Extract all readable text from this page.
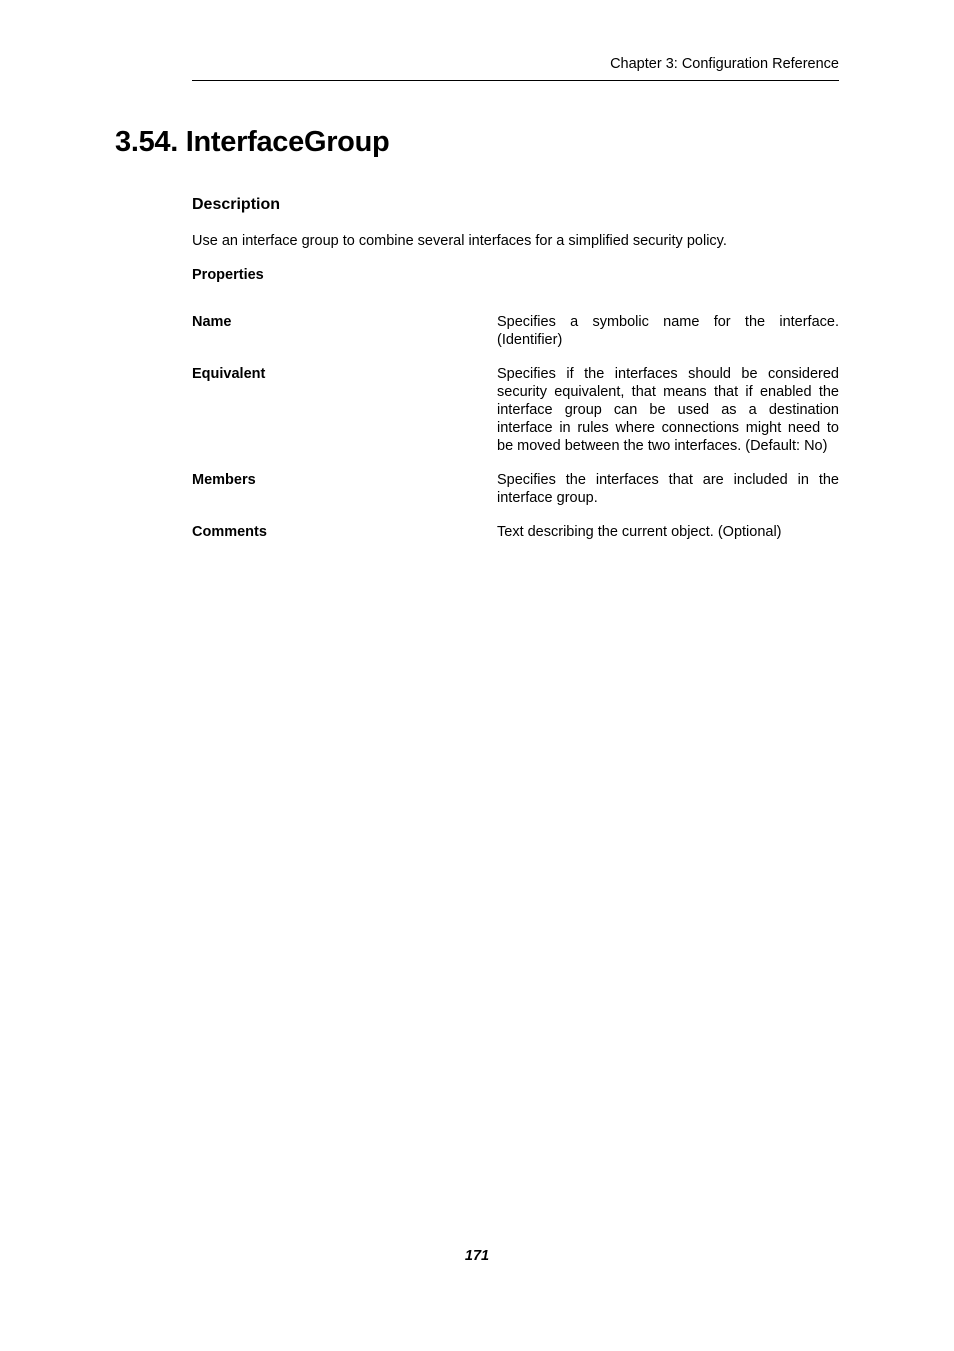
Chapter 3: Configuration Reference
3.54. InterfaceGroup
Description

Use an interface group to combine several interfaces for a simplified security policy.

Properties
Name	Specifies a symbolic name for the interface. (Identifier)
Equivalent	Specifies if the interfaces should be considered security equivalent, that means that if enabled the interface group can be used as a destination interface in rules where connections might need to be moved between the two interfaces. (Default: No)
Members	Specifies the interfaces that are included in the interface group.
Comments	Text describing the current object. (Optional)
171
